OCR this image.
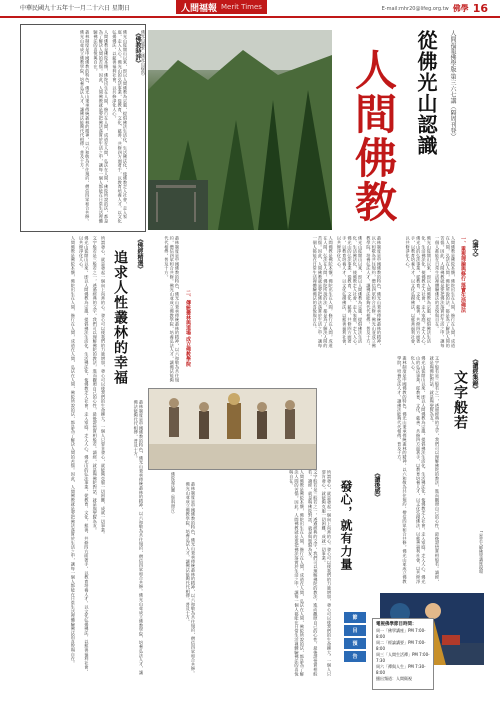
中華民國九十五年十一月二十六日 星期日	人間福報 Merit Times	E-mail:mhr20@lifeg.org.tw 佛學 16
《佛教時評》

佛光山從開山以來，即以人間佛教為宗風，提倡佛法生活化、生活佛法化，使佛教走入社會，走入家庭，走入人心。佛光山的弘法事業，從教育、文化、慈善、共修四方面著手，以教育培養人才，以文化弘揚佛法，以慈善福利社會，以共修淨化人心。

人間佛教是佛陀本懷，佛陀出生在人間，修行在人間，成道在人間，弘法在人間，佛陀所說的法，都是為了解決人間的苦惱。因此，人間佛教就是要把佛法落實於生活之中，讓每一個人都能在日常生活裡體驗佛法的喜悅與自在。

叢林制度是中國佛教的特色，佛光山秉承傳統叢林的精神，以六和敬為共住規約，僧信四眾和合共修。佛光山並成立佛教學院，培養弘法人才，讓佛法能夠代代相傳，普及十方。	佛光山風景（佛光山提供）	人間福報佛學版‧第三六七講（隔周刊登）
從佛光山認識
人間佛教
《講文》
一、重視理論與修行 落實生活佛法

人間佛教是佛陀本懷，佛陀出生在人間，修行在人間，成道在人間，弘法在人間，佛陀所說的法，都是為了解決人間的苦惱。因此，人間佛教就是要把佛法落實於生活之中，讓每一個人都能在日常生活裡體驗佛法的喜悅與自在。

佛光山從開山以來，即以人間佛教為宗風，提倡佛法生活化、生活佛法化，使佛教走入社會，走入家庭，走入人心。佛光山的弘法事業，從教育、文化、慈善、共修四方面著手，以教育培養人才，以文化弘揚佛法，以慈善福利社會，以共修淨化人心。

叢林制度是中國佛教的特色，佛光山秉承傳統叢林的精神，以六和敬為共住規約，僧信四眾和合共修。佛光山並成立佛教學院，培養弘法人才，讓佛法能夠代代相傳，普及十方。

佛光山從開山以來，即以人間佛教為宗風，提倡佛法生活化、生活佛法化，使佛教走入社會，走入家庭，走入人心。佛光山的弘法事業，從教育、文化、慈善、共修四方面著手，以教育培養人才，以文化弘揚佛法，以慈善福利社會，以共修淨化人心。

人間佛教是佛陀本懷，佛陀出生在人間，修行在人間，成道在人間，弘法在人間，佛陀所說的法，都是為了解決人間的苦惱。因此，人間佛教就是要把佛法落實於生活之中，讓每一個人都能在日常生活裡體驗佛法的喜悅與自在。

二、傳統叢林與道場 成立佛教學院

叢林制度是中國佛教的特色，佛光山秉承傳統叢林的精神，以六和敬為共住規約，僧信四眾和合共修。佛光山並成立佛教學院，培養弘法人才，讓佛法能夠代代相傳，普及十方。

《佛經精選》
追求人性叢林的幸福

所謂發心，就是發起一個向上向善的心。發心可以使我們的力量增加，發心可以使我們的生命擴大。一個人只要肯發心，就能夠克服一切困難，成就一切事業。

文字般若是三般若之一，透過經典的文字，我們可以理解佛陀的教法，進而觀照自己的心性，最後證悟實相般若。讀經，就是與佛陀對話，就是與聖賢為友。

佛光山從開山以來，即以人間佛教為宗風，提倡佛法生活化、生活佛法化，使佛教走入社會，走入家庭，走入人心。佛光山的弘法事業，從教育、文化、慈善、共修四方面著手，以教育培養人才，以文化弘揚佛法，以慈善福利社會，以共修淨化人心。

人間佛教是佛陀本懷，佛陀出生在人間，修行在人間，成道在人間，弘法在人間，佛陀所說的法，都是為了解決人間的苦惱。因此，人間佛教就是要把佛法落實於生活之中，讓每一個人都能在日常生活裡體驗佛法的喜悅與自在。	叢林制度是中國佛教的特色，佛光山秉承傳統叢林的精神，以六和敬為共住規約，僧信四眾和合共修。佛光山並成立佛教學院，培養弘法人才，讓佛法能夠代代相傳，普及十方。

佛陀說法圖（資料照片）
《讀經集錦》
文字般若

文字般若是三般若之一，透過經典的文字，我們可以理解佛陀的教法，進而觀照自己的心性，最後證悟實相般若。讀經，就是與佛陀對話，就是與聖賢為友。

佛光山從開山以來，即以人間佛教為宗風，提倡佛法生活化、生活佛法化，使佛教走入社會，走入家庭，走入人心。佛光山的弘法事業，從教育、文化、慈善、共修四方面著手，以教育培養人才，以文化弘揚佛法，以慈善福利社會，以共修淨化人心。

叢林制度是中國佛教的特色，佛光山秉承傳統叢林的精神，以六和敬為共住規約，僧信四眾和合共修。佛光山並成立佛教學院，培養弘法人才，讓佛法能夠代代相傳，普及十方。

《讀後感》
發心，就有力量

所謂發心，就是發起一個向上向善的心。發心可以使我們的力量增加，發心可以使我們的生命擴大。一個人只要肯發心，就能夠克服一切困難，成就一切事業。

文字般若是三般若之一，透過經典的文字，我們可以理解佛陀的教法，進而觀照自己的心性，最後證悟實相般若。讀經，就是與佛陀對話，就是與聖賢為友。

人間佛教是佛陀本懷，佛陀出生在人間，修行在人間，成道在人間，弘法在人間，佛陀所說的法，都是為了解決人間的苦惱。因此，人間佛教就是要把佛法落實於生活之中，讓每一個人都能在日常生活裡體驗佛法的喜悅與自在。

叢林制度是中國佛教的特色，佛光山秉承傳統叢林的精神，以六和敬為共住規約，僧信四眾和合共修。佛光山並成立佛教學院，培養弘法人才，讓佛法能夠代代相傳，普及十方。	↑星雲大師佛學講座現場
節
目
預
告
電視佛學節目時間：
周一「佛學講座」PM 7:00-8:00
周二「經論講要」PM 7:00-8:00
周三「人間生活禪」PM 7:00-7:30
周六「禪與人生」PM 7:30-8:00
播出頻道：人間衛視
